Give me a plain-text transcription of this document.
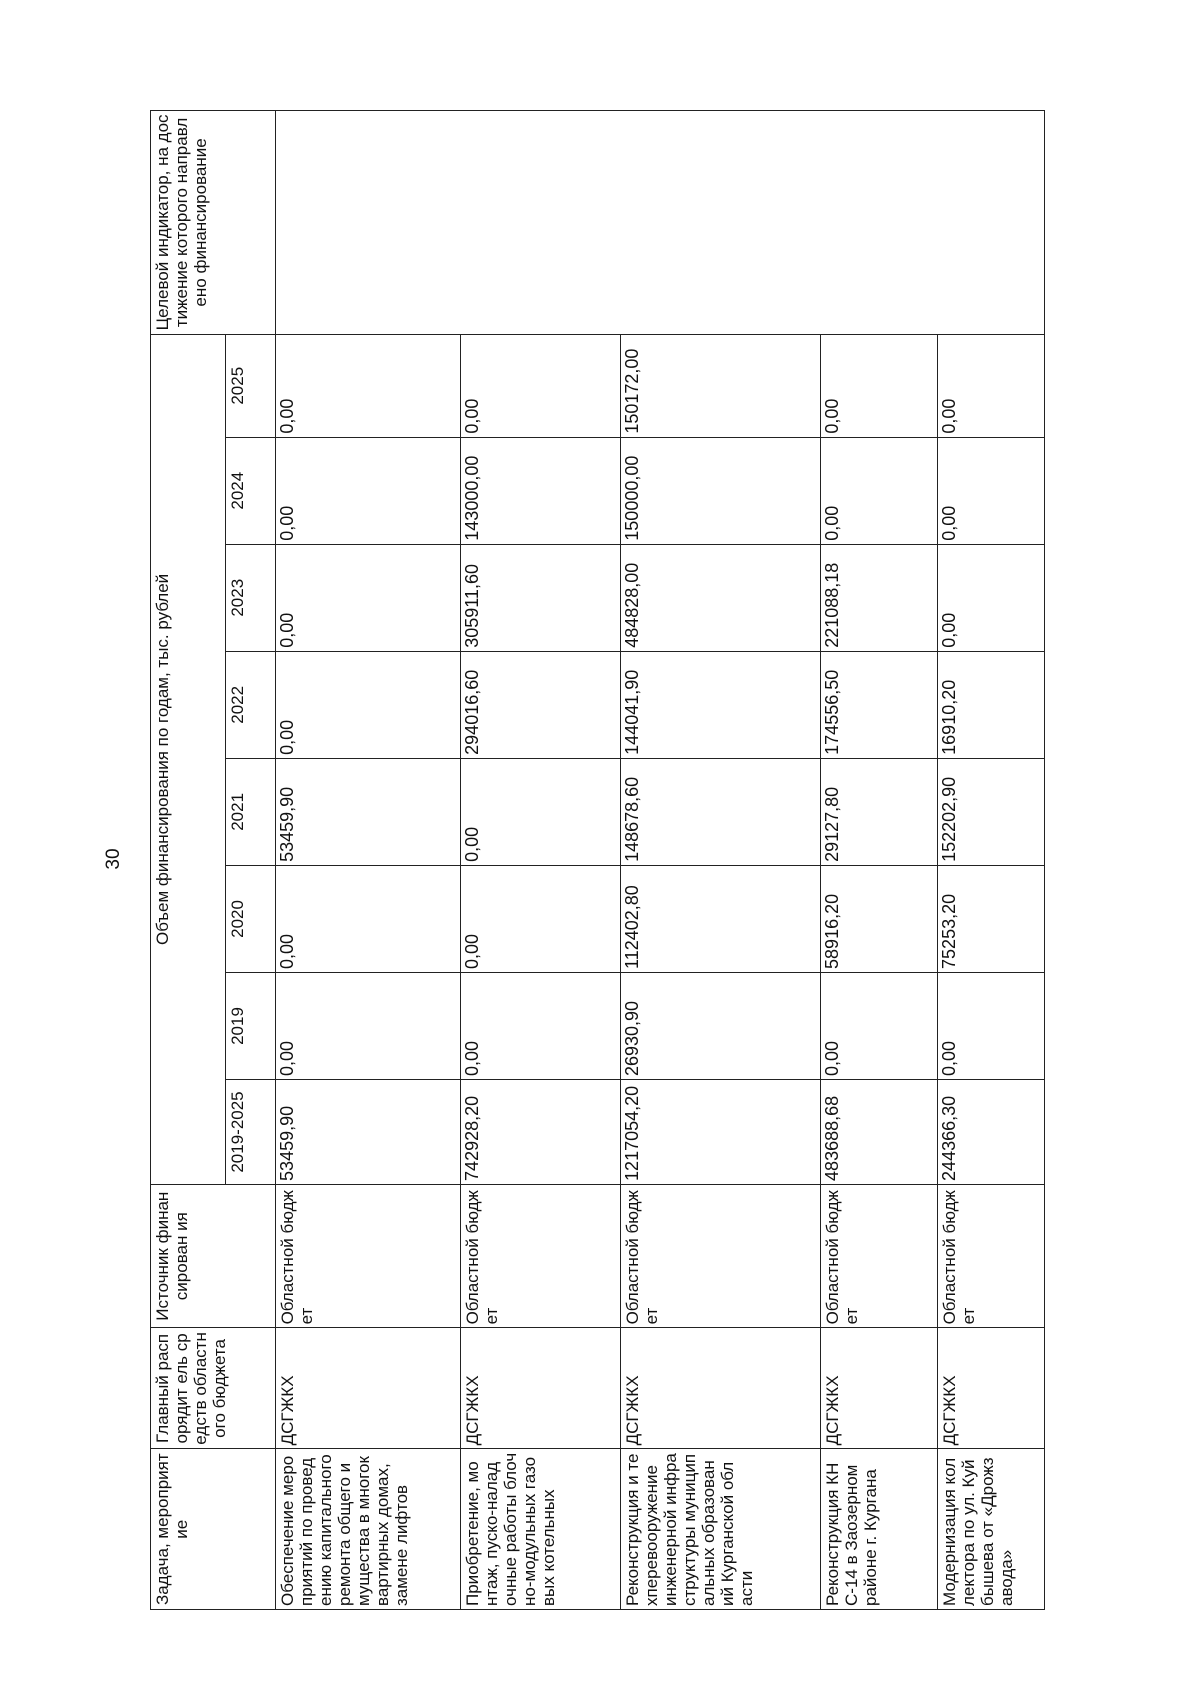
30
Задача, мероприятие	Главный распорядит ель средств областного бюджета	Источник финансирован ия	Объем финансирования по годам, тыс. рублей								Целевой индикатор, на достижение которого направлено финансирование
			2019-2025	2019	2020	2021	2022	2023	2024	2025	
Обеспечение мероприятий по проведению капитального ремонта общего имущества в многоквартирных домах, замене лифтов	ДСГЖКХ	Областной бюджет	53459,90	0,00	0,00	53459,90	0,00	0,00	0,00	0,00	
Приобретение, монтаж, пуско-наладочные работы блочно-модульных газовых котельных	ДСГЖКХ	Областной бюджет	742928,20	0,00	0,00	0,00	294016,60	305911,60	143000,00	0,00	
Реконструкция и техперевооружение инженерной инфраструктуры муниципальных образований Курганской области	ДСГЖКХ	Областной бюджет	1217054,20	26930,90	112402,80	148678,60	144041,90	484828,00	150000,00	150172,00	
Реконструкция КНС-14 в Заозерном районе г. Кургана	ДСГЖКХ	Областной бюджет	483688,68	0,00	58916,20	29127,80	174556,50	221088,18	0,00	0,00	
Модернизация коллектора по ул. Куйбышева от «Дрожзавода»	ДСГЖКХ	Областной бюджет	244366,30	0,00	75253,20	152202,90	16910,20	0,00	0,00	0,00	
